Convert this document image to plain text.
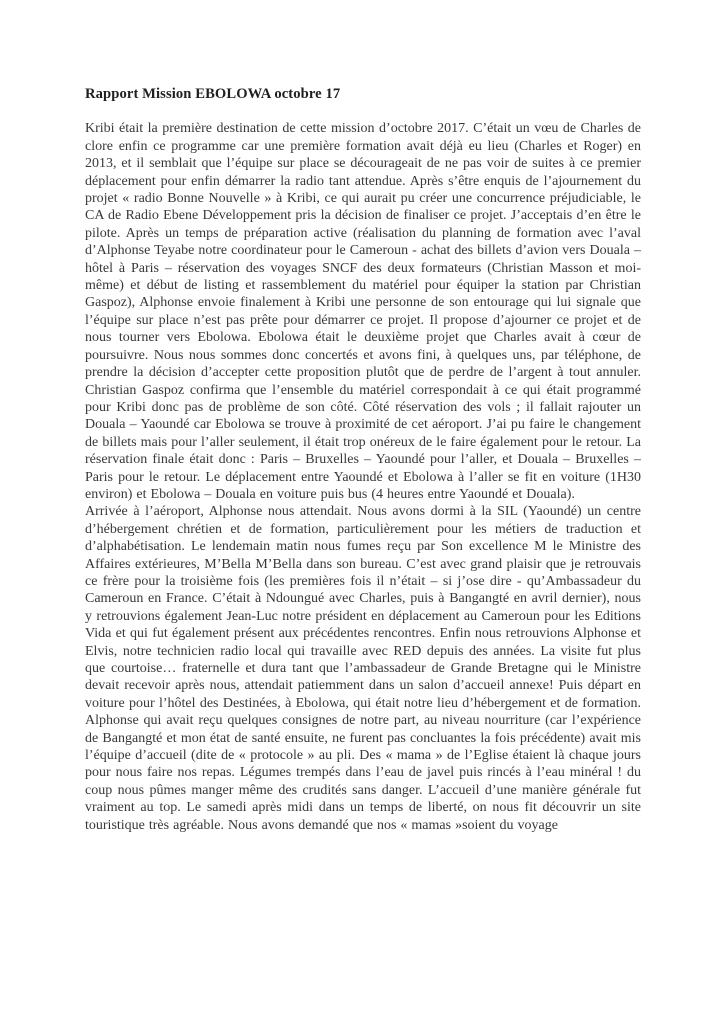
Rapport Mission EBOLOWA octobre 17

Kribi était la première destination de cette mission d’octobre 2017. C’était un vœu de Charles de clore enfin ce programme car une première formation avait déjà eu lieu (Charles et Roger) en 2013, et il semblait que l’équipe sur place se décourageait de ne pas voir de suites à ce premier déplacement pour enfin démarrer la radio tant attendue. Après s’être enquis de l’ajournement du projet « radio Bonne Nouvelle » à Kribi, ce qui aurait pu créer une concurrence préjudiciable, le CA de Radio Ebene Développement pris la décision de finaliser ce projet. J’acceptais d’en être le pilote. Après un temps de préparation active (réalisation du planning de formation avec l’aval d’Alphonse Teyabe notre coordinateur pour le Cameroun - achat des billets d’avion vers Douala – hôtel à Paris – réservation des voyages SNCF des deux formateurs (Christian Masson et moi-même) et début de listing et rassemblement du matériel pour équiper la station par Christian Gaspoz), Alphonse envoie finalement à Kribi une personne de son entourage qui lui signale que l’équipe sur place n’est pas prête pour démarrer ce projet. Il propose d’ajourner ce projet et de nous tourner vers Ebolowa. Ebolowa était le deuxième projet que Charles avait à cœur de poursuivre. Nous nous sommes donc concertés et avons fini, à quelques uns, par téléphone, de prendre la décision d’accepter cette proposition plutôt que de perdre de l’argent à tout annuler. Christian Gaspoz confirma que l’ensemble du matériel correspondait à ce qui était programmé pour Kribi donc pas de problème de son côté. Côté réservation des vols ; il fallait rajouter un Douala – Yaoundé car Ebolowa se trouve à proximité de cet aéroport. J’ai pu faire le changement de billets mais pour l’aller seulement, il était trop onéreux de le faire également pour le retour. La réservation finale était donc : Paris – Bruxelles – Yaoundé pour l’aller, et Douala – Bruxelles – Paris pour le retour. Le déplacement entre Yaoundé et Ebolowa à l’aller se fit en voiture (1H30 environ) et Ebolowa – Douala en voiture puis bus (4 heures entre Yaoundé et Douala).

Arrivée à l’aéroport, Alphonse nous attendait. Nous avons dormi à la SIL (Yaoundé) un centre d’hébergement chrétien et de formation, particulièrement pour les métiers de traduction et d’alphabétisation. Le lendemain matin nous fumes reçu par Son excellence M le Ministre des Affaires extérieures, M’Bella M’Bella dans son bureau. C’est avec grand plaisir que je retrouvais ce frère pour la troisième fois (les premières fois il n’était – si j’ose dire - qu’Ambassadeur du Cameroun en France. C’était à Ndoungué avec Charles, puis à Bangangté en avril dernier), nous y retrouvions également Jean-Luc notre président en déplacement au Cameroun pour les Editions Vida et qui fut également présent aux précédentes rencontres. Enfin nous retrouvions Alphonse et Elvis, notre technicien radio local qui travaille avec RED depuis des années. La visite fut plus que courtoise… fraternelle et dura tant que l’ambassadeur de Grande Bretagne qui le Ministre devait recevoir après nous, attendait patiemment dans un salon d’accueil annexe! Puis départ en voiture pour l’hôtel des Destinées, à Ebolowa, qui était notre lieu d’hébergement et de formation. Alphonse qui avait reçu quelques consignes de notre part, au niveau nourriture (car l’expérience de Bangangté et mon état de santé ensuite, ne furent pas concluantes la fois précédente) avait mis l’équipe d’accueil (dite de « protocole » au pli. Des « mama » de l’Eglise étaient là chaque jours pour nous faire nos repas. Légumes trempés dans l’eau de javel puis rincés à l’eau minéral ! du coup nous pûmes manger même des crudités sans danger. L’accueil d’une manière générale fut vraiment au top. Le samedi après midi dans un temps de liberté, on nous fit découvrir un site touristique très agréable. Nous avons demandé que nos « mamas »soient du voyage
